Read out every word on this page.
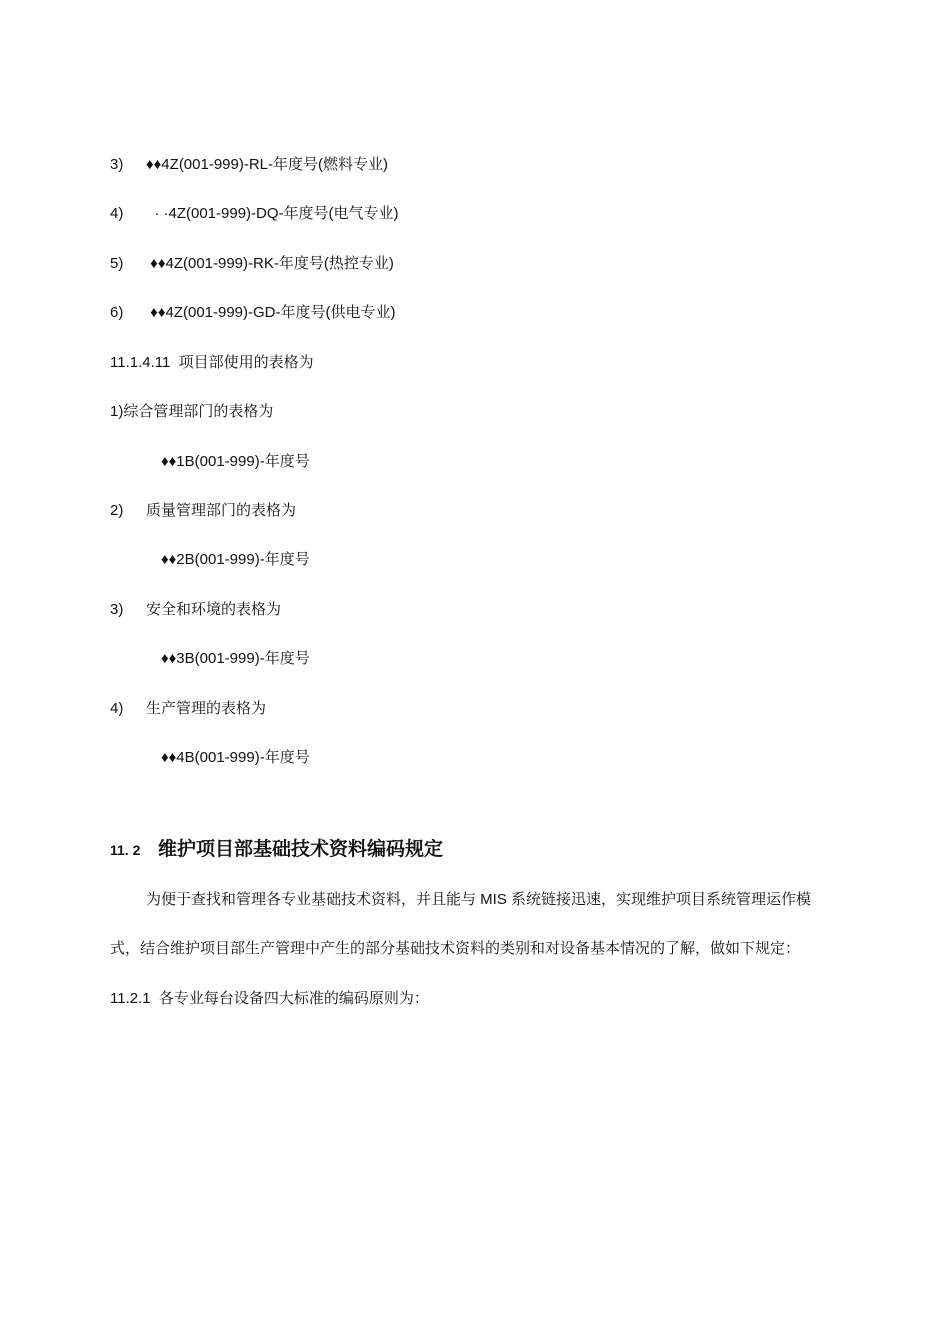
3) ♦♦4Z(001-999)-RL-年度号(燃料专业)
4)  · ·4Z(001-999)-DQ-年度号(电气专业)
5) ♦♦4Z(001-999)-RK-年度号(热控专业)
6) ♦♦4Z(001-999)-GD-年度号(供电专业)
11.1.4.11  项目部使用的表格为
1)综合管理部门的表格为
♦♦1B(001-999)-年度号
2) 质量管理部门的表格为
♦♦2B(001-999)-年度号
3) 安全和环境的表格为
♦♦3B(001-999)-年度号
4) 生产管理的表格为
♦♦4B(001-999)-年度号
11. 2 维护项目部基础技术资料编码规定
为便于查找和管理各专业基础技术资料，并且能与 MIS 系统链接迅速，实现维护项目系统管理运作模
式，结合维护项目部生产管理中产生的部分基础技术资料的类别和对设备基本情况的了解，做如下规定：
11.2.1  各专业每台设备四大标准的编码原则为：
